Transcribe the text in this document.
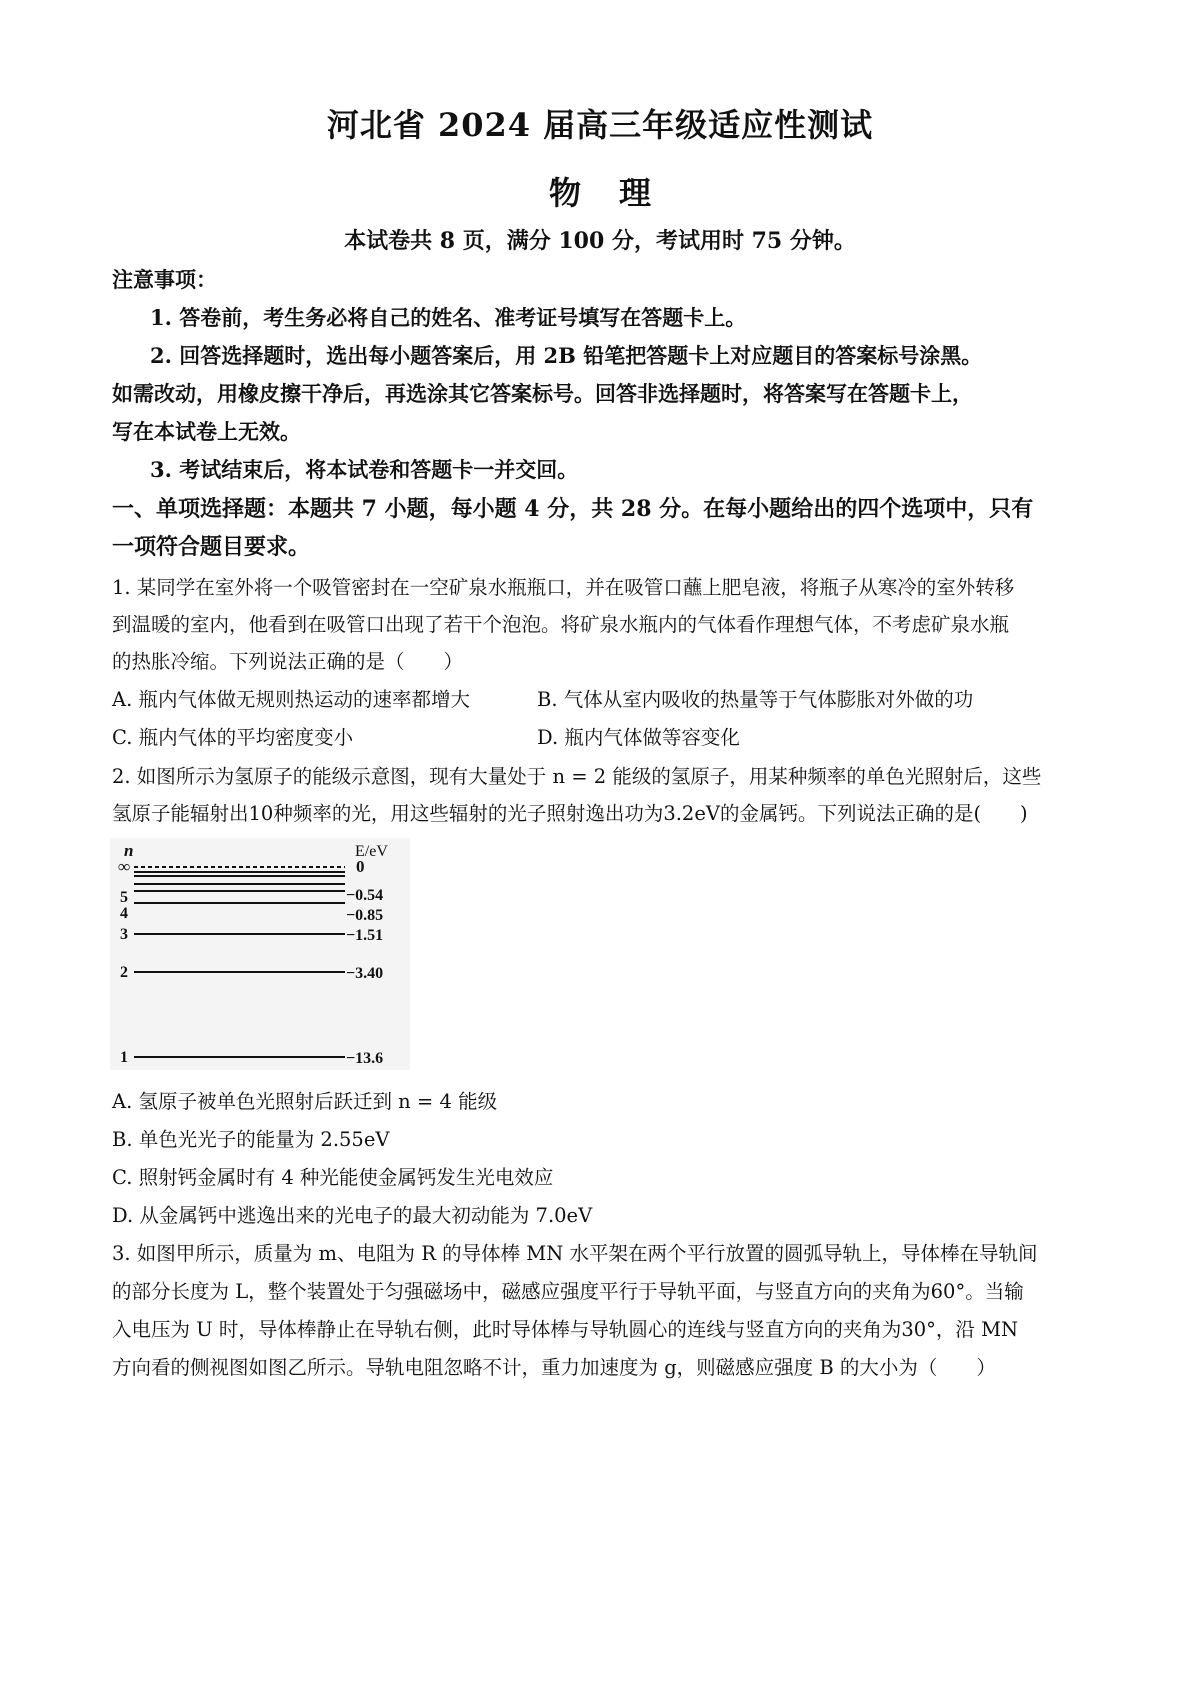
河北省 2024 届高三年级适应性测试
物理
本试卷共 8 页，满分 100 分，考试用时 75 分钟。
注意事项：
1. 答卷前，考生务必将自己的姓名、准考证号填写在答题卡上。
2. 回答选择题时，选出每小题答案后，用 2B 铅笔把答题卡上对应题目的答案标号涂黑。
如需改动，用橡皮擦干净后，再选涂其它答案标号。回答非选择题时，将答案写在答题卡上，
写在本试卷上无效。
3. 考试结束后，将本试卷和答题卡一并交回。
一、单项选择题：本题共 7 小题，每小题 4 分，共 28 分。在每小题给出的四个选项中，只有
一项符合题目要求。
1. 某同学在室外将一个吸管密封在一空矿泉水瓶瓶口，并在吸管口蘸上肥皂液，将瓶子从寒冷的室外转移
到温暖的室内，他看到在吸管口出现了若干个泡泡。将矿泉水瓶内的气体看作理想气体，不考虑矿泉水瓶
的热胀冷缩。下列说法正确的是（　　）
A. 瓶内气体做无规则热运动的速率都增大	B. 气体从室内吸收的热量等于气体膨胀对外做的功
C. 瓶内气体的平均密度变小	D. 瓶内气体做等容变化
2. 如图所示为氢原子的能级示意图，现有大量处于 n = 2 能级的氢原子，用某种频率的单色光照射后，这些
氢原子能辐射出10种频率的光，用这些辐射的光子照射逸出功为3.2eV的金属钙。下列说法正确的是(　　)
n	E/eV
∞	0
5	−0.54
4	−0.85
3	−1.51
2	−3.40
1	−13.6
A. 氢原子被单色光照射后跃迁到 n = 4 能级
B. 单色光光子的能量为 2.55eV
C. 照射钙金属时有 4 种光能使金属钙发生光电效应
D. 从金属钙中逃逸出来的光电子的最大初动能为 7.0eV
3. 如图甲所示，质量为 m、电阻为 R 的导体棒 MN 水平架在两个平行放置的圆弧导轨上，导体棒在导轨间
的部分长度为 L，整个装置处于匀强磁场中，磁感应强度平行于导轨平面，与竖直方向的夹角为60°。当输
入电压为 U 时，导体棒静止在导轨右侧，此时导体棒与导轨圆心的连线与竖直方向的夹角为30°，沿 MN
方向看的侧视图如图乙所示。导轨电阻忽略不计，重力加速度为 g，则磁感应强度 B 的大小为（　　）
